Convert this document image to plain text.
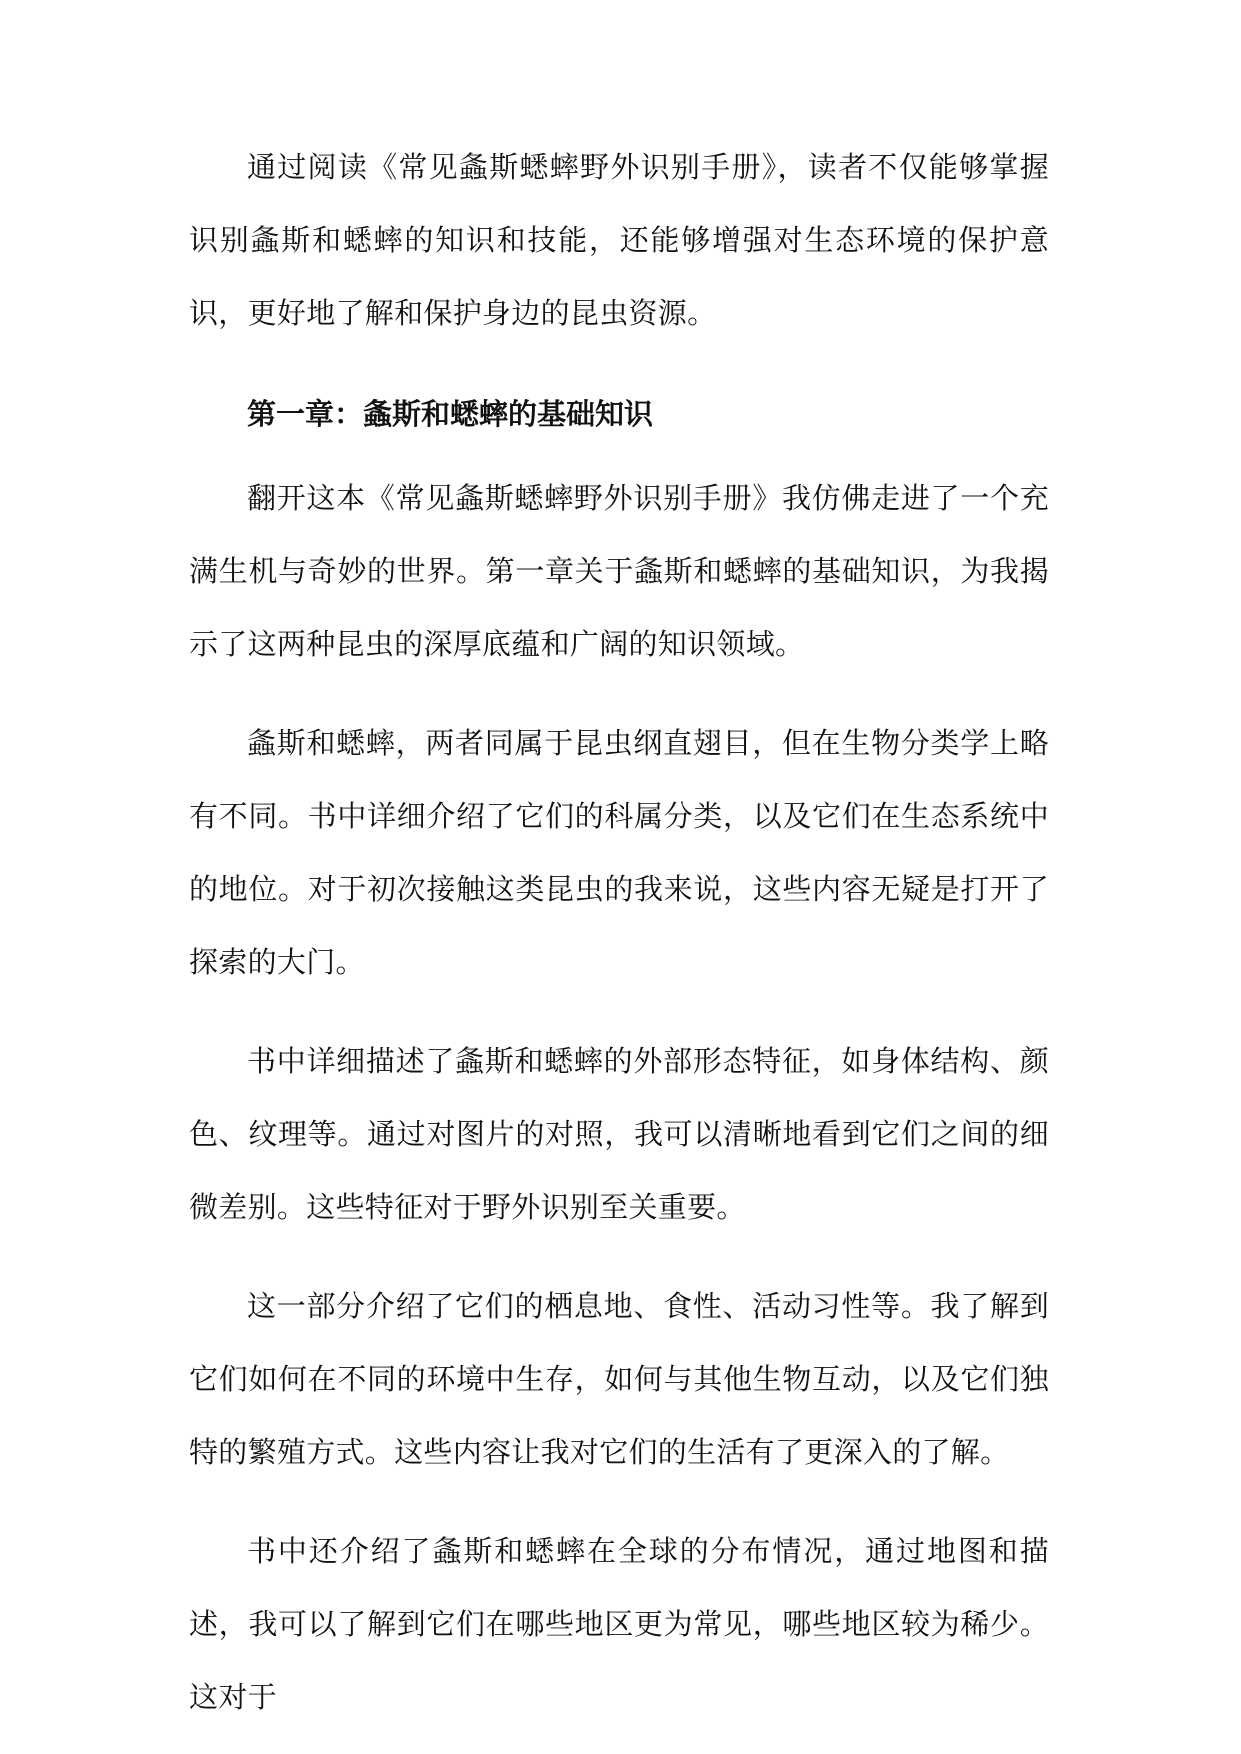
通过阅读《常见螽斯蟋蟀野外识别手册》，读者不仅能够掌握识别螽斯和蟋蟀的知识和技能，还能够增强对生态环境的保护意识，更好地了解和保护身边的昆虫资源。

第一章：螽斯和蟋蟀的基础知识

翻开这本《常见螽斯蟋蟀野外识别手册》我仿佛走进了一个充满生机与奇妙的世界。第一章关于螽斯和蟋蟀的基础知识，为我揭示了这两种昆虫的深厚底蕴和广阔的知识领域。

螽斯和蟋蟀，两者同属于昆虫纲直翅目，但在生物分类学上略有不同。书中详细介绍了它们的科属分类，以及它们在生态系统中的地位。对于初次接触这类昆虫的我来说，这些内容无疑是打开了探索的大门。

书中详细描述了螽斯和蟋蟀的外部形态特征，如身体结构、颜色、纹理等。通过对图片的对照，我可以清晰地看到它们之间的细微差别。这些特征对于野外识别至关重要。

这一部分介绍了它们的栖息地、食性、活动习性等。我了解到它们如何在不同的环境中生存，如何与其他生物互动，以及它们独特的繁殖方式。这些内容让我对它们的生活有了更深入的了解。

书中还介绍了螽斯和蟋蟀在全球的分布情况，通过地图和描述，我可以了解到它们在哪些地区更为常见，哪些地区较为稀少。这对于
